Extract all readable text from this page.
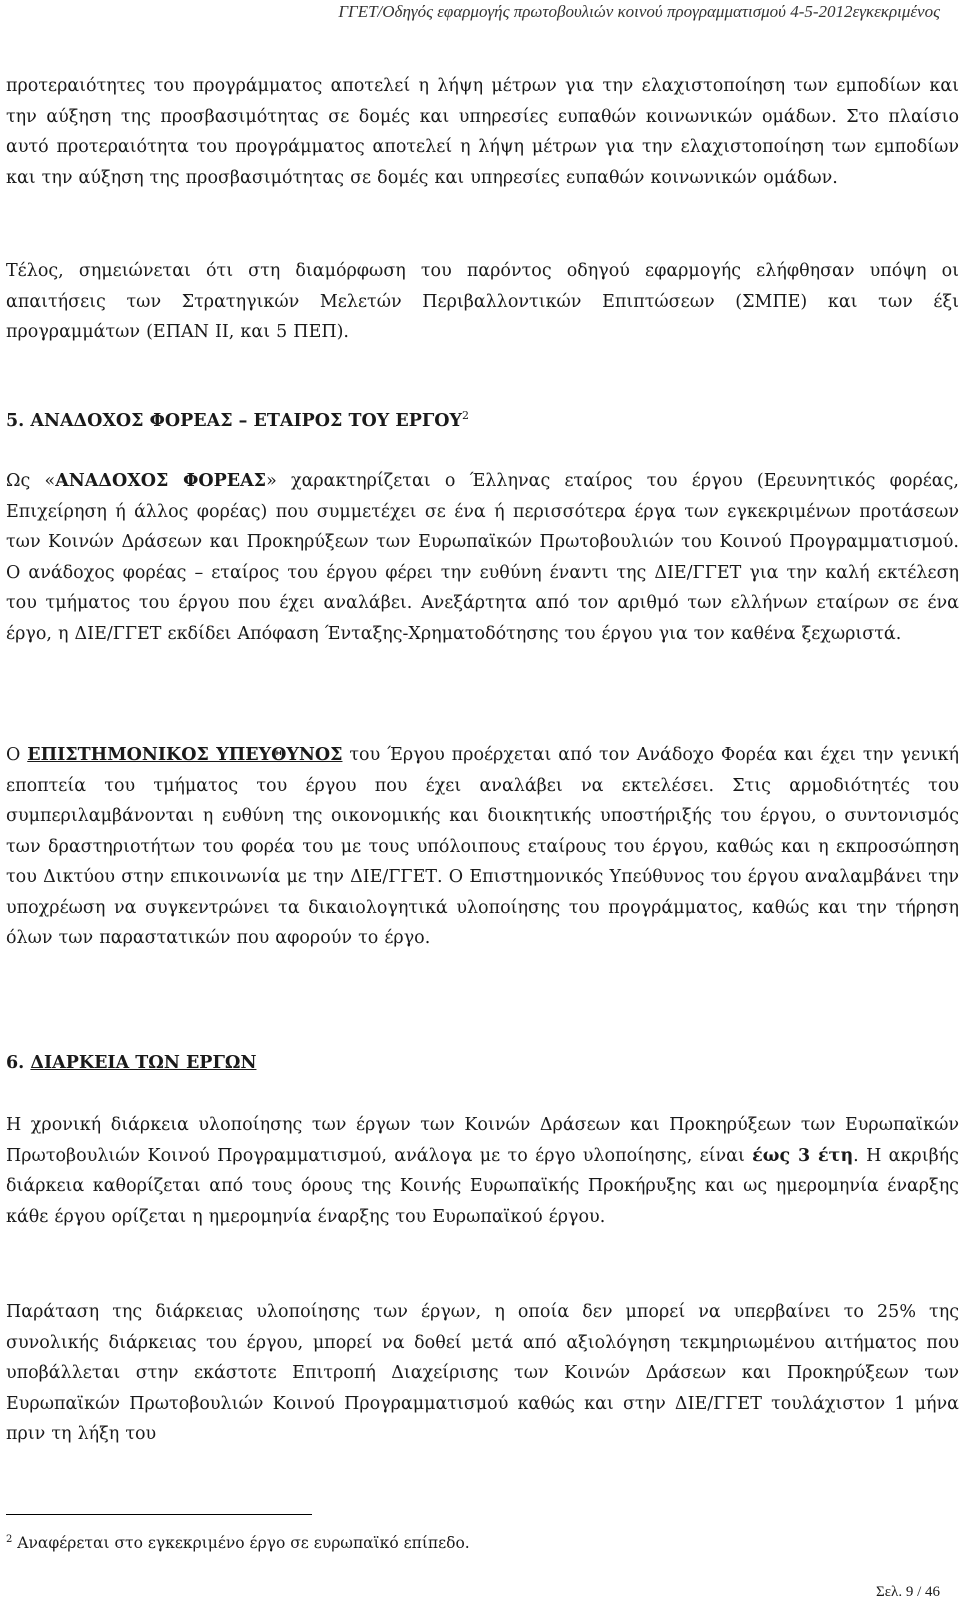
ΓΓΕΤ/Οδηγός εφαρμογής πρωτοβουλιών κοινού προγραμματισμού 4-5-2012εγκεκριμένος

προτεραιότητες του προγράμματος αποτελεί η λήψη μέτρων για την ελαχιστοποίηση των εμποδίων και την αύξηση της προσβασιμότητας σε δομές και υπηρεσίες ευπαθών κοινωνικών ομάδων. Στο πλαίσιο αυτό προτεραιότητα του προγράμματος αποτελεί η λήψη μέτρων για την ελαχιστοποίηση των εμποδίων και την αύξηση της προσβασιμότητας σε δομές και υπηρεσίες ευπαθών κοινωνικών ομάδων.

Τέλος, σημειώνεται ότι στη διαμόρφωση του παρόντος οδηγού εφαρμογής ελήφθησαν υπόψη οι απαιτήσεις των Στρατηγικών Μελετών Περιβαλλοντικών Επιπτώσεων (ΣΜΠΕ) και των έξι προγραμμάτων (ΕΠΑΝ ΙΙ, και 5 ΠΕΠ).

5. ΑΝΑΔΟΧΟΣ ΦΟΡΕΑΣ – ΕΤΑΙΡΟΣ ΤΟΥ ΕΡΓΟΥ$^2$

Ως «ΑΝΑΔΟΧΟΣ ΦΟΡΕΑΣ» χαρακτηρίζεται ο Έλληνας εταίρος του έργου (Ερευνητικός φορέας, Επιχείρηση ή άλλος φορέας) που συμμετέχει σε ένα ή περισσότερα έργα των εγκεκριμένων προτάσεων των Κοινών Δράσεων και Προκηρύξεων των Ευρωπαϊκών Πρωτοβουλιών του Κοινού Προγραμματισμού. Ο ανάδοχος φορέας – εταίρος του έργου φέρει την ευθύνη έναντι της ΔΙΕ/ΓΓΕΤ για την καλή εκτέλεση του τμήματος του έργου που έχει αναλάβει. Ανεξάρτητα από τον αριθμό των ελλήνων εταίρων σε ένα έργο, η ΔΙΕ/ΓΓΕΤ εκδίδει Απόφαση Ένταξης-Χρηματοδότησης του έργου για τον καθένα ξεχωριστά.

Ο ΕΠΙΣΤΗΜΟΝΙΚΟΣ ΥΠΕΥΘΥΝΟΣ του Έργου προέρχεται από τον Ανάδοχο Φορέα και έχει την γενική εποπτεία του τμήματος του έργου που έχει αναλάβει να εκτελέσει. Στις αρμοδιότητές του συμπεριλαμβάνονται η ευθύνη της οικονομικής και διοικητικής υποστήριξής του έργου, ο συντονισμός των δραστηριοτήτων του φορέα του με τους υπόλοιπους εταίρους του έργου, καθώς και η εκπροσώπηση του Δικτύου στην επικοινωνία με την ΔΙΕ/ΓΓΕΤ. Ο Επιστημονικός Υπεύθυνος του έργου αναλαμβάνει την υποχρέωση να συγκεντρώνει τα δικαιολογητικά υλοποίησης του προγράμματος, καθώς και την τήρηση όλων των παραστατικών που αφορούν το έργο.

6. ΔΙΑΡΚΕΙΑ ΤΩΝ ΕΡΓΩΝ

Η χρονική διάρκεια υλοποίησης των έργων των Κοινών Δράσεων και Προκηρύξεων των Ευρωπαϊκών Πρωτοβουλιών Κοινού Προγραμματισμού, ανάλογα με το έργο υλοποίησης, είναι έως 3 έτη. Η ακριβής διάρκεια καθορίζεται από τους όρους της Κοινής Ευρωπαϊκής Προκήρυξης και ως ημερομηνία έναρξης κάθε έργου ορίζεται η ημερομηνία έναρξης του Ευρωπαϊκού έργου.

Παράταση της διάρκειας υλοποίησης των έργων, η οποία δεν μπορεί να υπερβαίνει το 25% της συνολικής διάρκειας του έργου, μπορεί να δοθεί μετά από αξιολόγηση τεκμηριωμένου αιτήματος που υποβάλλεται στην εκάστοτε Επιτροπή Διαχείρισης των Κοινών Δράσεων και Προκηρύξεων των Ευρωπαϊκών Πρωτοβουλιών Κοινού Προγραμματισμού καθώς και στην ΔΙΕ/ΓΓΕΤ τουλάχιστον 1 μήνα πριν τη λήξη του

$^2$ Αναφέρεται στο εγκεκριμένο έργο σε ευρωπαϊκό επίπεδο.
Σελ. 9 / 46
